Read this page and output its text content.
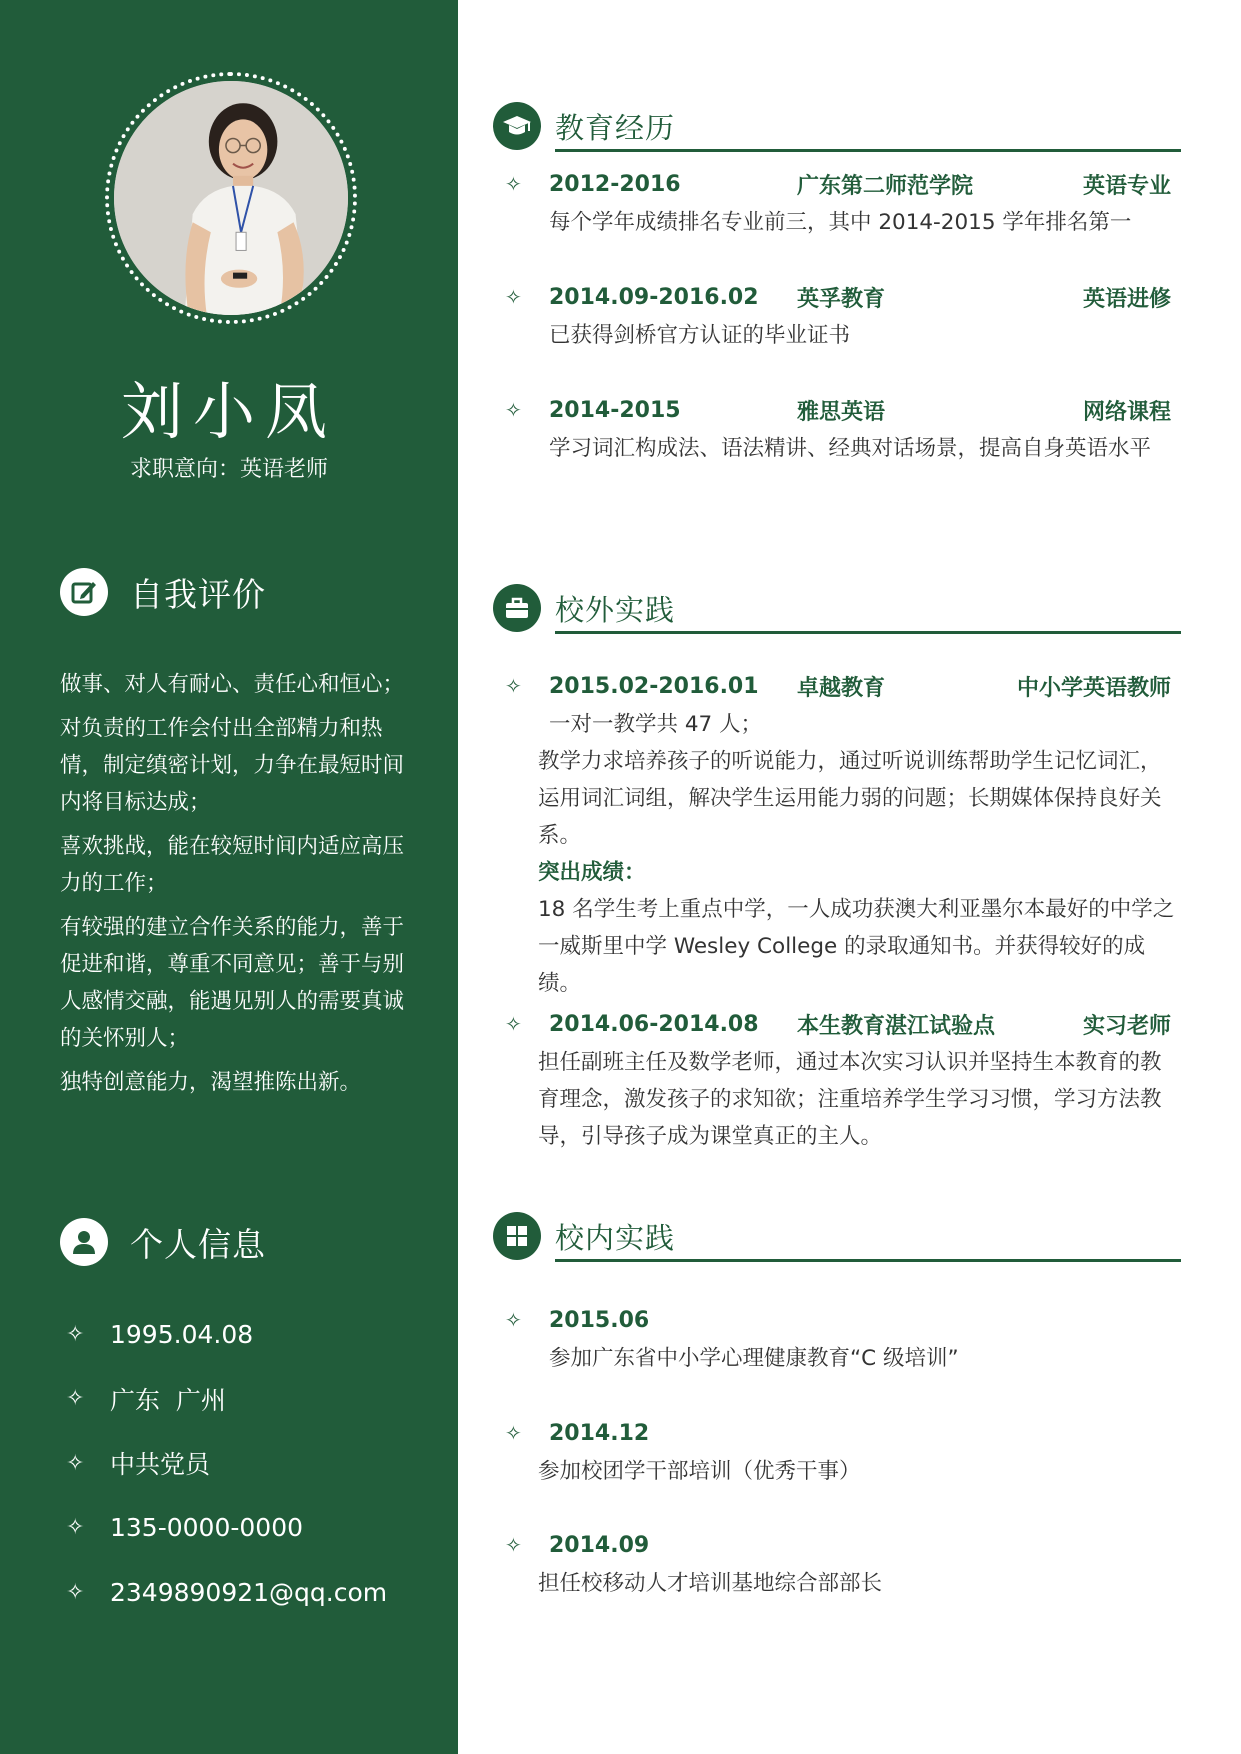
刘小凤
求职意向：英语老师
自我评价

做事、对人有耐心、责任心和恒心；

对负责的工作会付出全部精力和热情，制定缜密计划，力争在最短时间内将目标达成；

喜欢挑战，能在较短时间内适应高压力的工作；

有较强的建立合作关系的能力，善于促进和谐，尊重不同意见；善于与别人感情交融，能遇见别人的需要真诚的关怀别人；

独特创意能力，渴望推陈出新。

个人信息
✧	1995.04.08
✧	广东  广州
✧	中共党员
✧	135-0000-0000
✧	2349890921@qq.com
教育经历
✧	2012-2016	广东第二师范学院	英语专业
每个学年成绩排名专业前三，其中 2014-2015 学年排名第一
✧	2014.09-2016.02	英孚教育	英语进修
已获得剑桥官方认证的毕业证书
✧	2014-2015	雅思英语	网络课程
学习词汇构成法、语法精讲、经典对话场景，提高自身英语水平
校外实践
✧	2015.02-2016.01	卓越教育	中小学英语教师
一对一教学共 47 人；
教学力求培养孩子的听说能力，通过听说训练帮助学生记忆词汇，运用词汇词组，解决学生运用能力弱的问题；长期媒体保持良好关系。
突出成绩：
18 名学生考上重点中学，一人成功获澳大利亚墨尔本最好的中学之一威斯里中学 Wesley College 的录取通知书。并获得较好的成绩。
✧	2014.06-2014.08	本生教育湛江试验点	实习老师
担任副班主任及数学老师，通过本次实习认识并坚持生本教育的教育理念，激发孩子的求知欲；注重培养学生学习习惯，学习方法教导，引导孩子成为课堂真正的主人。
校内实践
✧	2015.06
参加广东省中小学心理健康教育“C 级培训”
✧	2014.12
参加校团学干部培训（优秀干事）
✧	2014.09
担任校移动人才培训基地综合部部长
